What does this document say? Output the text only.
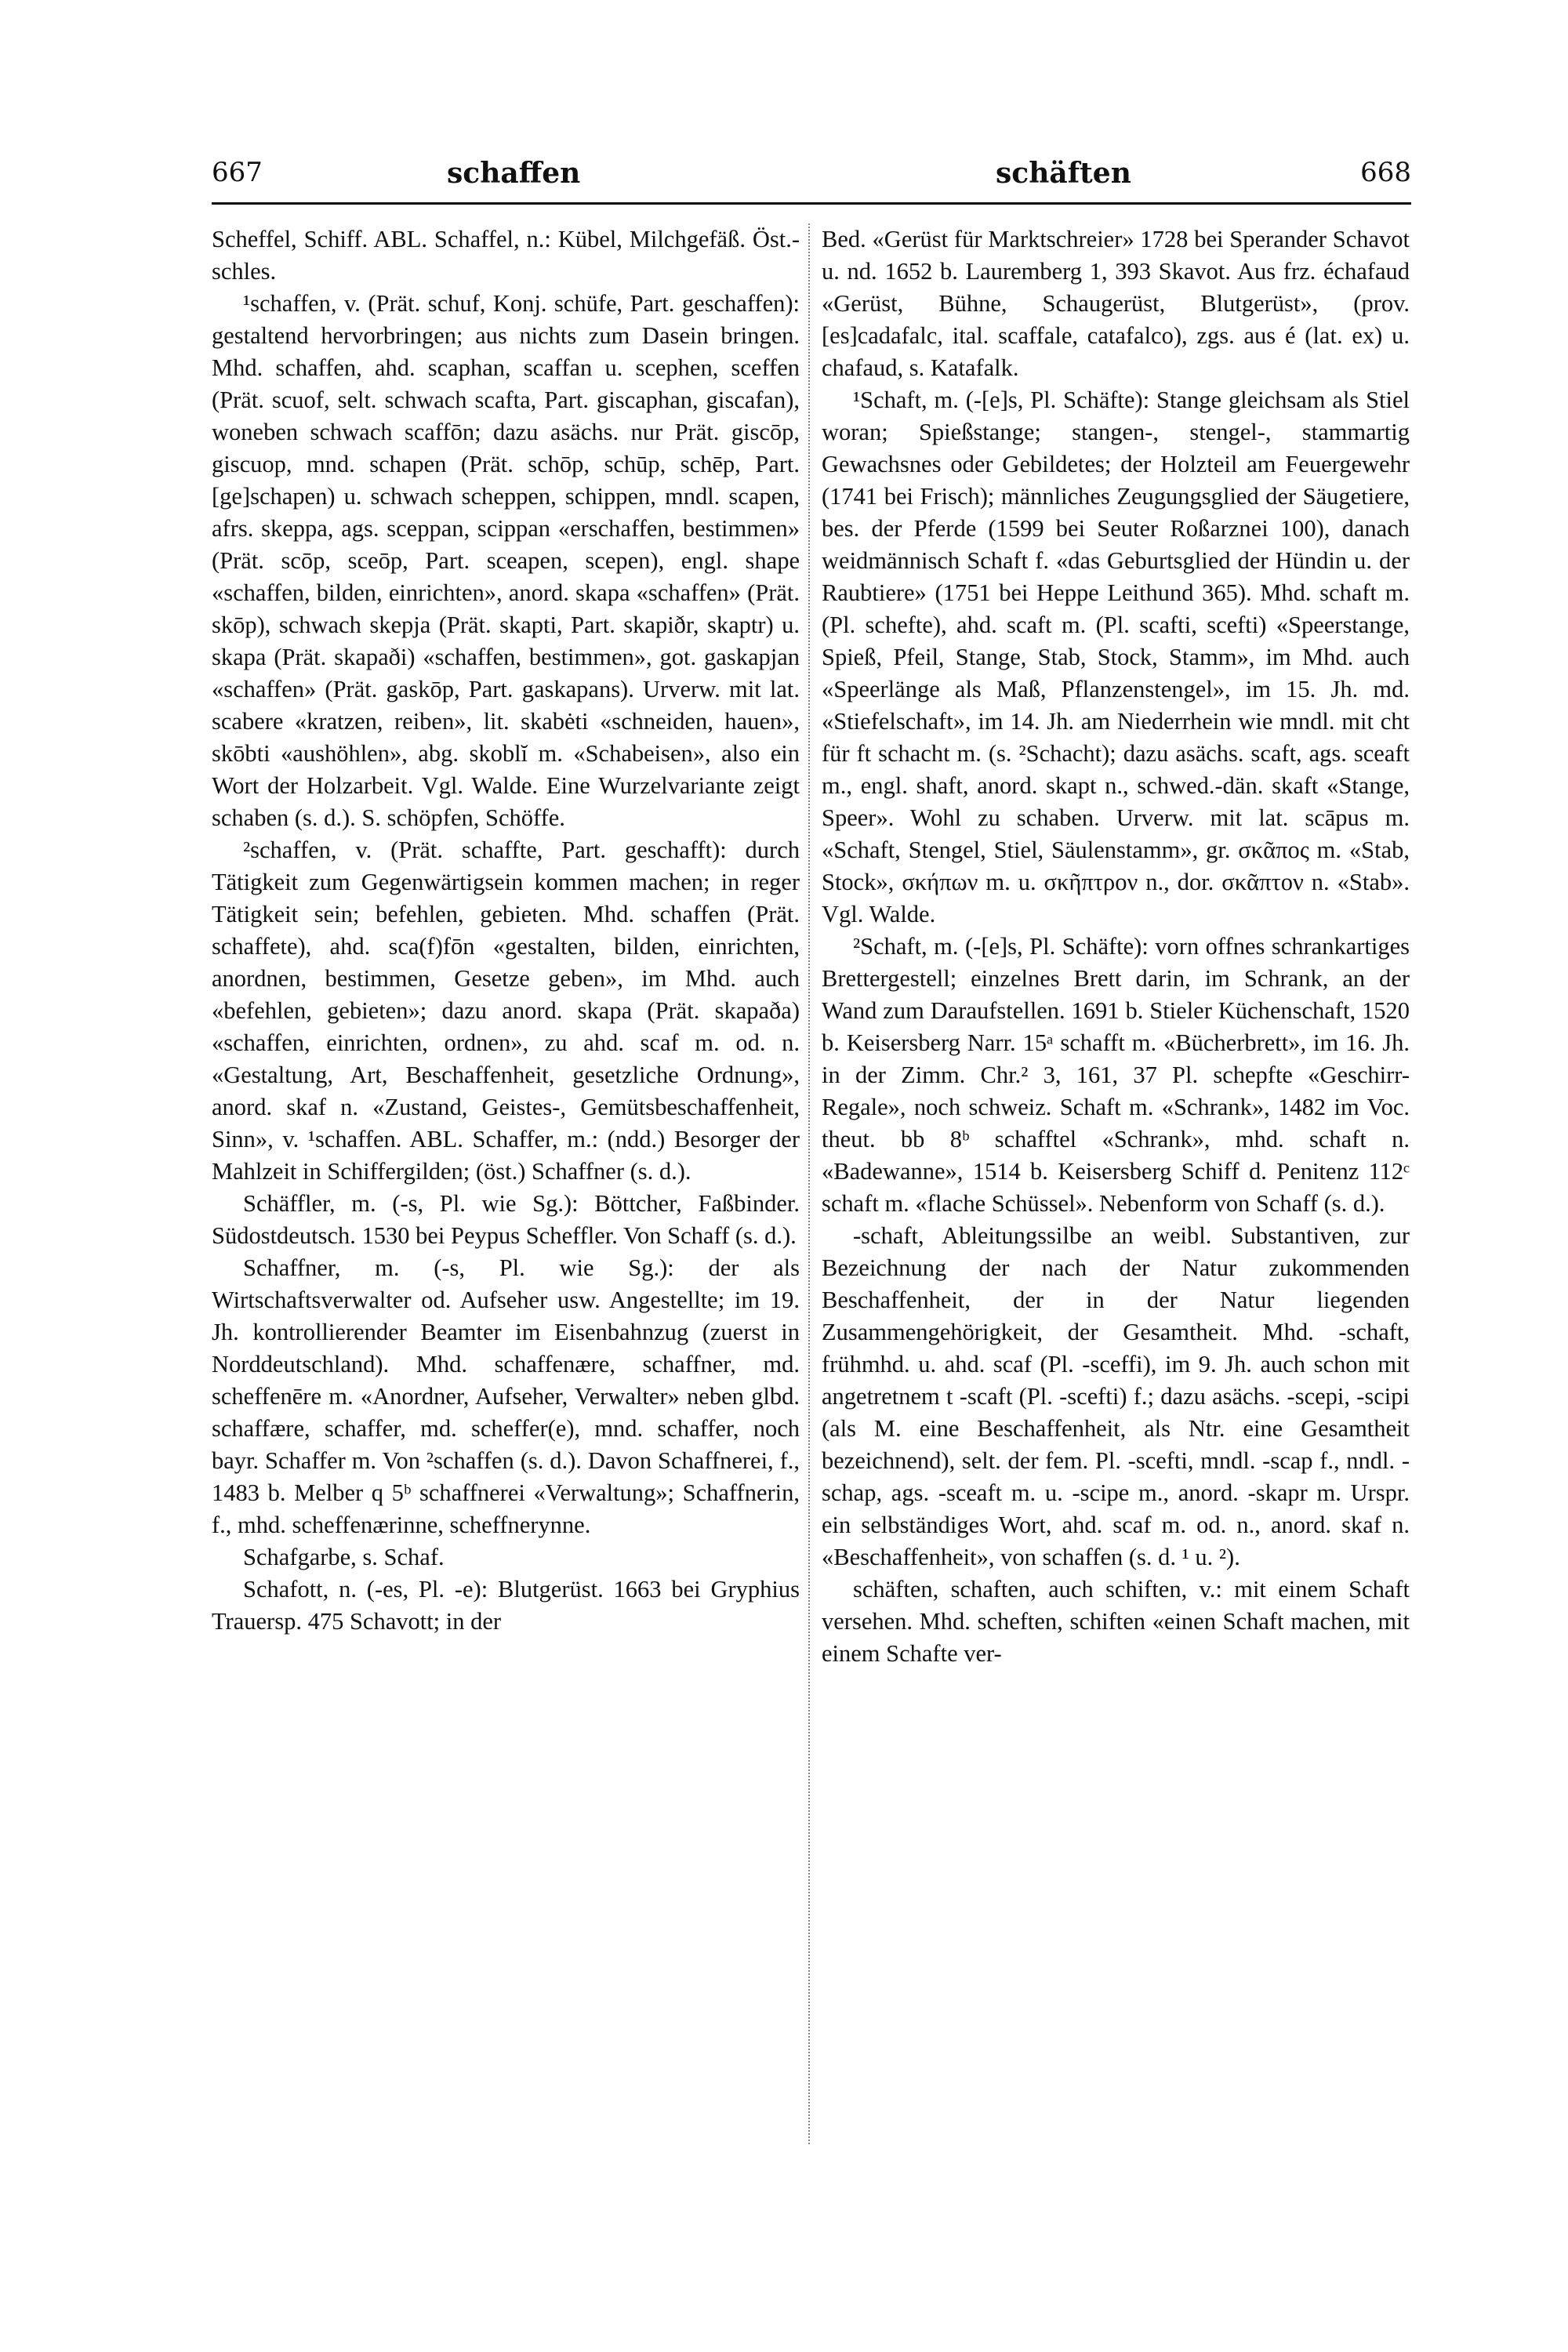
667	schaffen	schäften	668

Scheffel, Schiff. ABL. Schaffel, n.: Kübel, Milchgefäß. Öst.-schles.

¹schaffen, v. (Prät. schuf, Konj. schüfe, Part. geschaffen): gestaltend hervorbringen; aus nichts zum Dasein bringen. Mhd. schaffen, ahd. scaphan, scaffan u. scephen, sceffen (Prät. scuof, selt. schwach scafta, Part. giscaphan, giscafan), woneben schwach scaffōn; dazu asächs. nur Prät. giscōp, giscuop, mnd. schapen (Prät. schōp, schūp, schēp, Part. [ge]schapen) u. schwach scheppen, schippen, mndl. scapen, afrs. skeppa, ags. sceppan, scippan «erschaffen, bestimmen» (Prät. scōp, sceōp, Part. sceapen, scepen), engl. shape «schaffen, bilden, einrichten», anord. skapa «schaffen» (Prät. skōp), schwach skepja (Prät. skapti, Part. skapiðr, skaptr) u. skapa (Prät. skapaði) «schaffen, bestimmen», got. gaskapjan «schaffen» (Prät. gaskōp, Part. gaskapans). Urverw. mit lat. scabere «kratzen, reiben», lit. skabėti «schneiden, hauen», skōbti «aushöhlen», abg. skoblĭ m. «Schabeisen», also ein Wort der Holzarbeit. Vgl. Walde. Eine Wurzelvariante zeigt schaben (s. d.). S. schöpfen, Schöffe.

²schaffen, v. (Prät. schaffte, Part. geschafft): durch Tätigkeit zum Gegenwärtigsein kommen machen; in reger Tätigkeit sein; befehlen, gebieten. Mhd. schaffen (Prät. schaffete), ahd. sca(f)fōn «gestalten, bilden, einrichten, anordnen, bestimmen, Gesetze geben», im Mhd. auch «befehlen, gebieten»; dazu anord. skapa (Prät. skapaða) «schaffen, einrichten, ordnen», zu ahd. scaf m. od. n. «Gestaltung, Art, Beschaffenheit, gesetzliche Ordnung», anord. skaf n. «Zustand, Geistes-, Gemütsbeschaffenheit, Sinn», v. ¹schaffen. ABL. Schaffer, m.: (ndd.) Besorger der Mahlzeit in Schiffergilden; (öst.) Schaffner (s. d.).

Schäffler, m. (-s, Pl. wie Sg.): Böttcher, Faßbinder. Südostdeutsch. 1530 bei Peypus Scheffler. Von Schaff (s. d.).

Schaffner, m. (-s, Pl. wie Sg.): der als Wirtschaftsverwalter od. Aufseher usw. Angestellte; im 19. Jh. kontrollierender Beamter im Eisenbahnzug (zuerst in Norddeutschland). Mhd. schaffenære, schaffner, md. scheffenēre m. «Anordner, Aufseher, Verwalter» neben glbd. schaffære, schaffer, md. scheffer(e), mnd. schaffer, noch bayr. Schaffer m. Von ²schaffen (s. d.). Davon Schaffnerei, f., 1483 b. Melber q 5ᵇ schaffnerei «Verwaltung»; Schaffnerin, f., mhd. scheffenærinne, scheffnerynne.

Schafgarbe, s. Schaf.

Schafott, n. (-es, Pl. -e): Blutgerüst. 1663 bei Gryphius Trauersp. 475 Schavott; in der

Bed. «Gerüst für Marktschreier» 1728 bei Sperander Schavot u. nd. 1652 b. Lauremberg 1, 393 Skavot. Aus frz. échafaud «Gerüst, Bühne, Schaugerüst, Blutgerüst», (prov. [es]cadafalc, ital. scaffale, catafalco), zgs. aus é (lat. ex) u. chafaud, s. Katafalk.

¹Schaft, m. (-[e]s, Pl. Schäfte): Stange gleichsam als Stiel woran; Spießstange; stangen-, stengel-, stammartig Gewachsnes oder Gebildetes; der Holzteil am Feuergewehr (1741 bei Frisch); männliches Zeugungsglied der Säugetiere, bes. der Pferde (1599 bei Seuter Roßarznei 100), danach weidmännisch Schaft f. «das Geburtsglied der Hündin u. der Raubtiere» (1751 bei Heppe Leithund 365). Mhd. schaft m. (Pl. schefte), ahd. scaft m. (Pl. scafti, scefti) «Speerstange, Spieß, Pfeil, Stange, Stab, Stock, Stamm», im Mhd. auch «Speerlänge als Maß, Pflanzenstengel», im 15. Jh. md. «Stiefelschaft», im 14. Jh. am Niederrhein wie mndl. mit cht für ft schacht m. (s. ²Schacht); dazu asächs. scaft, ags. sceaft m., engl. shaft, anord. skapt n., schwed.-dän. skaft «Stange, Speer». Wohl zu schaben. Urverw. mit lat. scāpus m. «Schaft, Stengel, Stiel, Säulenstamm», gr. σκᾶπος m. «Stab, Stock», σκήπων m. u. σκῆπτρον n., dor. σκᾶπτον n. «Stab». Vgl. Walde.

²Schaft, m. (-[e]s, Pl. Schäfte): vorn offnes schrankartiges Brettergestell; einzelnes Brett darin, im Schrank, an der Wand zum Daraufstellen. 1691 b. Stieler Küchenschaft, 1520 b. Keisersberg Narr. 15ᵃ schafft m. «Bücherbrett», im 16. Jh. in der Zimm. Chr.² 3, 161, 37 Pl. schepfte «Geschirr-Regale», noch schweiz. Schaft m. «Schrank», 1482 im Voc. theut. bb 8ᵇ schafftel «Schrank», mhd. schaft n. «Badewanne», 1514 b. Keisersberg Schiff d. Penitenz 112ᶜ schaft m. «flache Schüssel». Nebenform von Schaff (s. d.).

-schaft, Ableitungssilbe an weibl. Substantiven, zur Bezeichnung der nach der Natur zukommenden Beschaffenheit, der in der Natur liegenden Zusammengehörigkeit, der Gesamtheit. Mhd. -schaft, frühmhd. u. ahd. scaf (Pl. -sceffi), im 9. Jh. auch schon mit angetretnem t -scaft (Pl. -scefti) f.; dazu asächs. -scepi, -scipi (als M. eine Beschaffenheit, als Ntr. eine Gesamtheit bezeichnend), selt. der fem. Pl. -scefti, mndl. -scap f., nndl. -schap, ags. -sceaft m. u. -scipe m., anord. -skapr m. Urspr. ein selbständiges Wort, ahd. scaf m. od. n., anord. skaf n. «Beschaffenheit», von schaffen (s. d. ¹ u. ²).

schäften, schaften, auch schiften, v.: mit einem Schaft versehen. Mhd. scheften, schiften «einen Schaft machen, mit einem Schafte ver-
